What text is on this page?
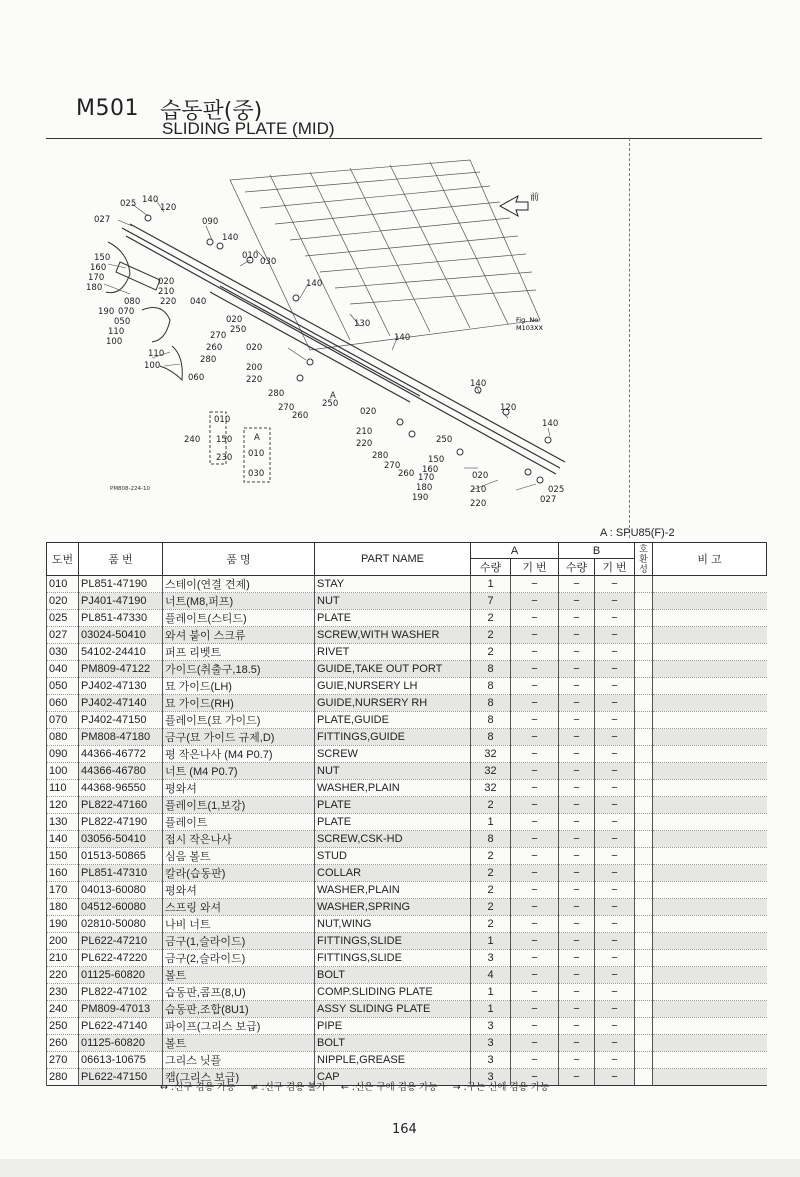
M501 습동판(중)
SLIDING PLATE (MID)
前
Fig. No.
M103XX
025 140
120
027	090
140
010
030
150
160
170
180
020
210
220 040
080
190 070
050
110
100
270
260
280
020
250
110
100
060
140
130
140
020
200
220
280
270
260
250
A
140
120
140
020
210
220	250
280
270
260
150
160
170
180
190
020
210
220
025
027
010
150
230 010
030
240	A
PM808-224-10
A : SPU85(F)-2
도번	품 번	품 명	PART NAME	A		B		호환성	비 고
				수량	기 번	수량	기 번		
010	PL851-47190	스테이(연결 견제)	STAY	1	−	−	−		
020	PJ401-47190	너트(M8,퍼프)	NUT	7	−	−	−		
025	PL851-47330	플레이트(스티드)	PLATE	2	−	−	−		
027	03024-50410	와셔 붙이 스크류	SCREW,WITH WASHER	2	−	−	−		
030	54102-24410	퍼프 리벳트	RIVET	2	−	−	−		
040	PM809-47122	가이드(취출구,18.5)	GUIDE,TAKE OUT PORT	8	−	−	−		
050	PJ402-47130	묘 가이드(LH)	GUIE,NURSERY LH	8	−	−	−		
060	PJ402-47140	묘 가이드(RH)	GUIDE,NURSERY RH	8	−	−	−		
070	PJ402-47150	플레이트(묘 가이드)	PLATE,GUIDE	8	−	−	−		
080	PM808-47180	금구(묘 가이드 규제,D)	FITTINGS,GUIDE	8	−	−	−		
090	44366-46772	평 작은나사 (M4 P0.7)	SCREW	32	−	−	−		
100	44366-46780	너트 (M4 P0.7)	NUT	32	−	−	−		
110	44368-96550	평와셔	WASHER,PLAIN	32	−	−	−		
120	PL822-47160	플레이트(1,보강)	PLATE	2	−	−	−		
130	PL822-47190	플레이트	PLATE	1	−	−	−		
140	03056-50410	접시 작은나사	SCREW,CSK-HD	8	−	−	−		
150	01513-50865	심음 볼트	STUD	2	−	−	−		
160	PL851-47310	칼라(습동판)	COLLAR	2	−	−	−		
170	04013-60080	평와셔	WASHER,PLAIN	2	−	−	−		
180	04512-60080	스프링 와셔	WASHER,SPRING	2	−	−	−		
190	02810-50080	나비 너트	NUT,WING	2	−	−	−		
200	PL622-47210	금구(1,슬라이드)	FITTINGS,SLIDE	1	−	−	−		
210	PL622-47220	금구(2,슬라이드)	FITTINGS,SLIDE	3	−	−	−		
220	01125-60820	볼트	BOLT	4	−	−	−		
230	PL822-47102	습동판,콤프(8,U)	COMP.SLIDING PLATE	1	−	−	−		
240	PM809-47013	습동판,조합(8U1)	ASSY SLIDING PLATE	1	−	−	−		
250	PL622-47140	파이프(그리스 보급)	PIPE	3	−	−	−		
260	01125-60820	볼트	BOLT	3	−	−	−		
270	06613-10675	그리스 닛플	NIPPLE,GREASE	3	−	−	−		
280	PL622-47150	캡(그리스 보급)	CAP	3	−	−	−		
↔ :신구 겸용 가능 ≠ :신구 겸용 불가 ← :신은 구에 겸용 가능 → :구는 신에 겸용 가능
164
